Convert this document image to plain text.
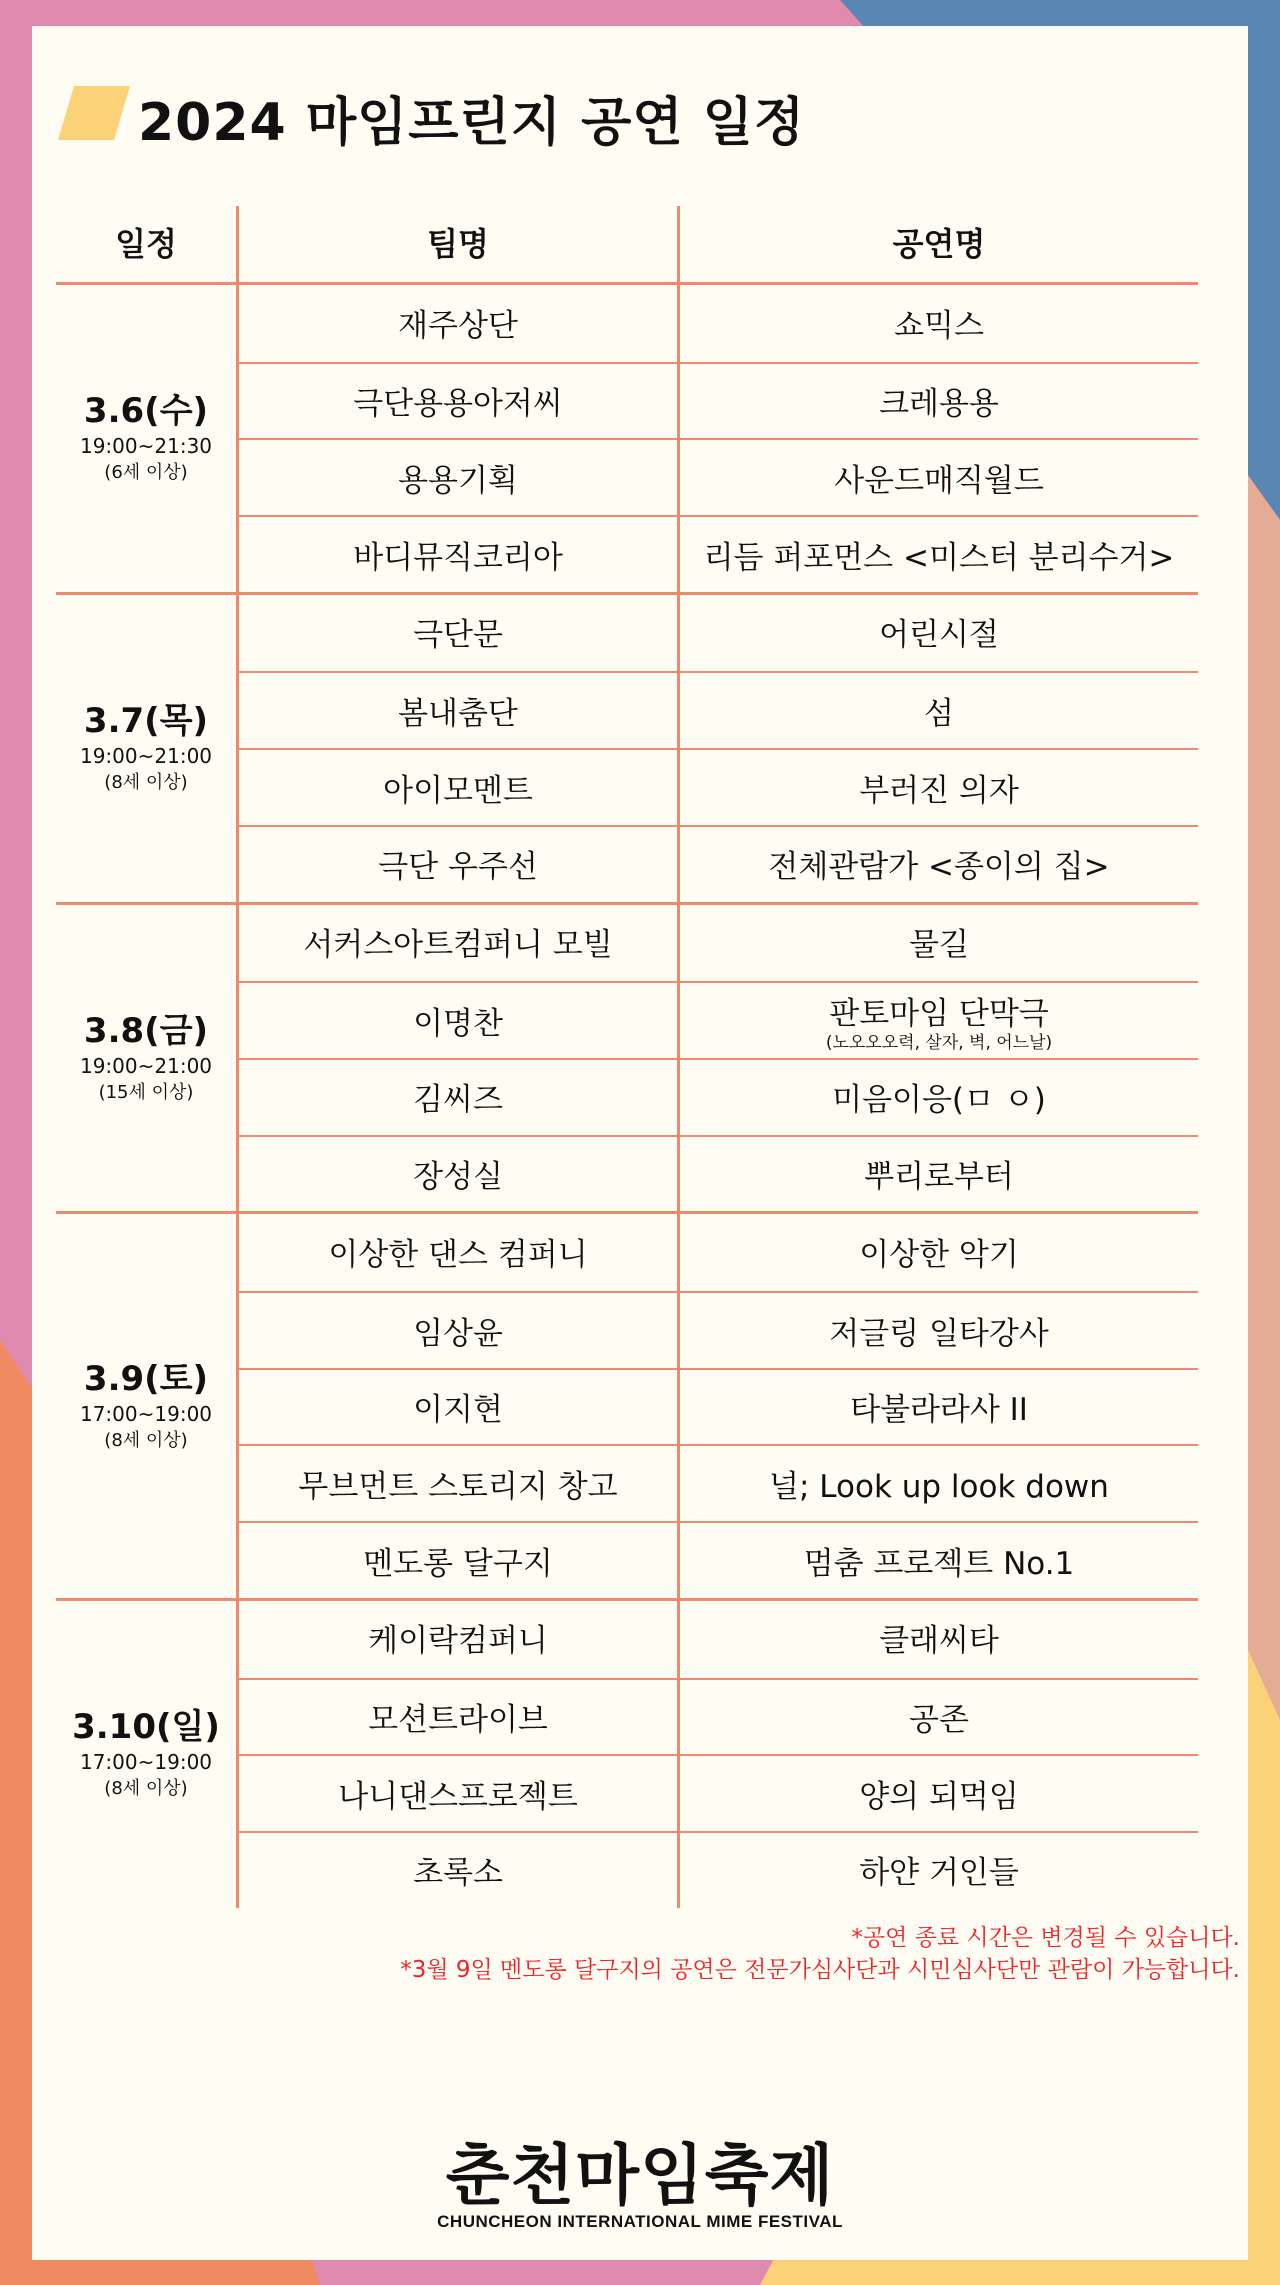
2024 마임프린지 공연 일정
일정	팀명	공연명
3.6(수)
19:00~21:30
(6세 이상)
재주상단	쇼믹스
극단용용아저씨	크레용용
용용기획	사운드매직월드
바디뮤직코리아	리듬 퍼포먼스 <미스터 분리수거>
3.7(목)
19:00~21:00
(8세 이상)
극단문	어린시절
봄내춤단	섬
아이모멘트	부러진 의자
극단 우주선	전체관람가 <종이의 집>
3.8(금)
19:00~21:00
(15세 이상)
서커스아트컴퍼니 모빌	물길
이명찬	판토마임 단막극
(노오오오력, 살자, 벽, 어느날)
김씨즈	미음이응(ㅁ ㅇ)
장성실	뿌리로부터
3.9(토)
17:00~19:00
(8세 이상)
이상한 댄스 컴퍼니	이상한 악기
임상윤	저글링 일타강사
이지현	타불라라사 II
무브먼트 스토리지 창고	널; Look up look down
멘도롱 달구지	멈춤 프로젝트 No.1
3.10(일)
17:00~19:00
(8세 이상)
케이락컴퍼니	클래씨타
모션트라이브	공존
나니댄스프로젝트	양의 되먹임
초록소	하얀 거인들
*공연 종료 시간은 변경될 수 있습니다.
*3월 9일 멘도롱 달구지의 공연은 전문가심사단과 시민심사단만 관람이 가능합니다.
춘천마임축제
CHUNCHEON INTERNATIONAL MIME FESTIVAL
